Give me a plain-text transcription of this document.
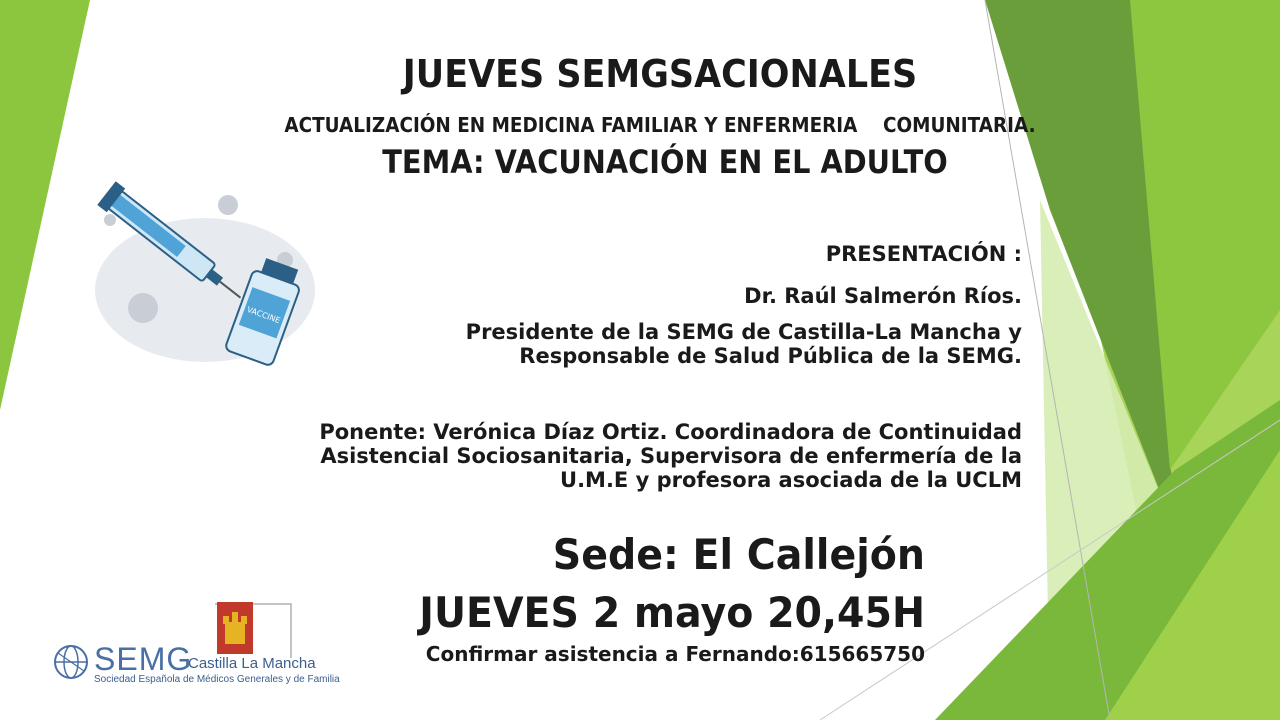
VACCINE
JUEVES SEMGSACIONALES
ACTUALIZACIÓN EN MEDICINA FAMILIAR Y ENFERMERIA    COMUNITARIA.
TEMA: VACUNACIÓN EN EL ADULTO
PRESENTACIÓN :
Dr. Raúl Salmerón Ríos.
Presidente de la SEMG de Castilla-La Mancha y
Responsable de Salud Pública de la SEMG.
Ponente: Verónica Díaz Ortiz. Coordinadora de Continuidad
Asistencial Sociosanitaria, Supervisora de enfermería de la
U.M.E y profesora asociada de la UCLM
Sede: El Callejón
JUEVES 2 mayo 20,45H
Confirmar asistencia a Fernando:615665750
SEMG
Castilla La Mancha
Sociedad Española de Médicos Generales y de Familia
